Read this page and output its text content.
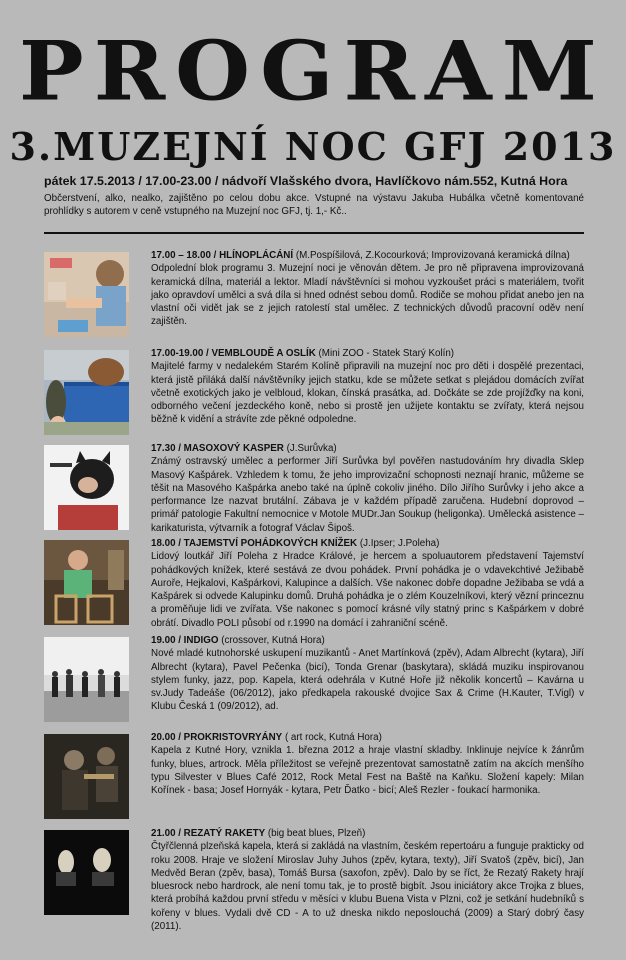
PROGRAM
3.MUZEJNÍ NOC GFJ 2013
pátek 17.5.2013 / 17.00-23.00 / nádvoří Vlašského dvora, Havlíčkovo nám.552, Kutná Hora
Občerstvení, alko, nealko, zajištěno po celou dobu akce. Vstupné na výstavu Jakuba Hubálka včetně komentované prohlídky s autorem v ceně vstupného na Muzejní noc GFJ, tj. 1,- Kč..
17.00 – 18.00 / HLÍNOPLÁCÁNÍ (M.Pospíšilová, Z.Kocourková; Improvizovaná keramická dílna)
Odpolední blok programu 3. Muzejní noci je věnován dětem. Je pro ně připravena improvizovaná keramická dílna, materiál a lektor. Mladí návštěvníci si mohou vyzkoušet práci s materiálem, tvořit jako opravdoví umělci a svá díla si hned odnést sebou domů. Rodiče se mohou přidat anebo jen na vlastní oči vidět jak se z jejich ratolestí stal umělec. Z technických důvodů pracovní oděv není zajištěn.
17.00-19.00 / VEMBLOUDĚ A OSLÍK (Mini ZOO - Statek Starý Kolín)
Majitelé farmy v nedalekém Starém Kolíně připravili na muzejní noc pro děti i dospělé prezentaci, která jistě přiláká další návštěvníky jejich statku, kde se můžete setkat s plejádou domácích zvířat včetně exotických jako je velbloud, klokan, čínská prasátka, ad. Dočkáte se zde projížďky na koni, odborného večení jezdeckého koně, nebo si prostě jen užijete kontaktu se zvířaty, která nejsou běžně k vidění a strávíte zde pěkné odpoledne.
17.30 / MASOXOVÝ KASPER (J.Surůvka)
Známý ostravský umělec a performer Jiří Surůvka byl pověřen nastudováním hry divadla Sklep Masový Kašpárek. Vzhledem k tomu, že jeho improvizační schopnosti neznají hranic, můžeme se těšit na Masového Kašpárka anebo také na úplně cokoliv jiného. Dílo Jiřího Surůvky i jeho akce a performance lze nazvat brutální. Zábava je v každém případě zaručena. Hudební doprovod – primář patologie Fakultní nemocnice v Motole MUDr.Jan Soukup (heligonka). Umělecká asistence – karikaturista, výtvarník a fotograf Václav Šipoš.
18.00 / TAJEMSTVÍ POHÁDKOVÝCH KNÍŽEK (J.Ipser; J.Poleha)
Lidový loutkář Jiří Poleha z Hradce Králové, je hercem a spoluautorem představení Tajemství pohádkových knížek, které sestává ze dvou pohádek. První pohádka je o vdavekchtivé Ježibabě Auroře, Hejkalovi, Kašpárkovi, Kalupince a dalších. Vše nakonec dobře dopadne Ježibaba se vdá a Kašpárek si odvede Kalupinku domů. Druhá pohádka je o zlém Kouzelníkovi, který vězní princeznu a proměňuje lidi ve zvířata. Vše nakonec s pomocí krásné víly statný princ s Kašpárkem v dobré obrátí. Divadlo POLI působí od r.1990 na domácí i zahraniční scéně.
19.00 / INDIGO (crossover, Kutná Hora)
Nové mladé kutnohorské uskupení muzikantů - Anet Martínková (zpěv), Adam Albrecht (kytara), Jiří Albrecht (kytara), Pavel Pečenka (bicí), Tonda Grenar (baskytara), skládá muziku inspirovanou stylem funky, jazz, pop. Kapela, která odehrála v Kutné Hoře již několik koncertů – Kavárna u sv.Judy Tadeáše (06/2012), jako předkapela rakouské dvojice Sax & Crime (H.Kauter, T.Vigl) v Klubu Česká 1 (09/2012), ad.
20.00 / PROKRISTOVRYÁNY ( art rock, Kutná Hora)
Kapela z Kutné Hory, vznikla 1. března 2012 a hraje vlastní skladby. Inklinuje nejvíce k žánrům funky, blues, artrock. Měla příležitost se veřejně prezentovat samostatně zatím na akcích menšího typu Silvester v Blues Café 2012, Rock Metal Fest na Baště na Kaňku. Složení kapely: Milan Kořínek - basa; Josef Hornyák - kytara, Petr Ďatko - bicí; Aleš Rezler - foukací harmonika.
21.00 / REZATÝ RAKETY (big beat blues, Plzeň)
Čtyřčlenná plzeňská kapela, která si zakládá na vlastním, českém repertoáru a funguje prakticky od roku 2008. Hraje ve složení Miroslav Juhy Juhos (zpěv, kytara, texty), Jiří Svatoš (zpěv, bicí), Jan Medvěd Beran (zpěv, basa), Tomáš Bursa (saxofon, zpěv). Dalo by se říct, že Rezatý Rakety hrají bluesrock nebo hardrock, ale není tomu tak, je to prostě bigbít. Jsou iniciátory akce Trojka z blues, která probíhá každou první středu v měsíci v klubu Buena Vista v Plzni, což je setkání hudebníků s kořeny v blues. Vydali dvě CD - A to už dneska nikdo neposlouchá (2009) a Starý dobrý časy (2011).
